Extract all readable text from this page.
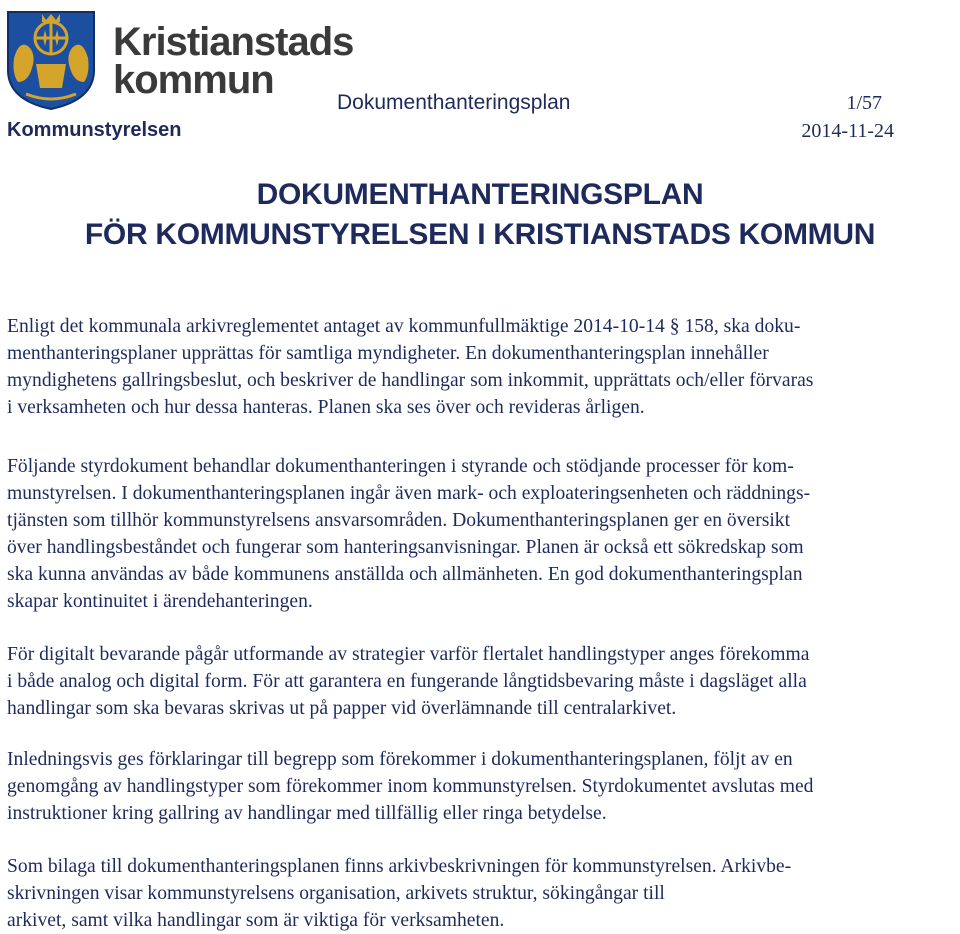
Kristianstads
kommun
Dokumenthanteringsplan	1/57
Kommunstyrelsen	2014-11-24
DOKUMENTHANTERINGSPLAN
FÖR KOMMUNSTYRELSEN I KRISTIANSTADS KOMMUN
Enligt det kommunala arkivreglementet antaget av kommunfullmäktige 2014-10-14 § 158, ska doku-
menthanteringsplaner upprättas för samtliga myndigheter. En dokumenthanteringsplan innehåller
myndighetens gallringsbeslut, och beskriver de handlingar som inkommit, upprättats och/eller förvaras
i verksamheten och hur dessa hanteras. Planen ska ses över och revideras årligen.
Följande styrdokument behandlar dokumenthanteringen i styrande och stödjande processer för kom-
munstyrelsen. I dokumenthanteringsplanen ingår även mark- och exploateringsenheten och räddnings-
tjänsten som tillhör kommunstyrelsens ansvarsområden. Dokumenthanteringsplanen ger en översikt
över handlingsbeståndet och fungerar som hanteringsanvisningar. Planen är också ett sökredskap som
ska kunna användas av både kommunens anställda och allmänheten. En god dokumenthanteringsplan
skapar kontinuitet i ärendehanteringen.
För digitalt bevarande pågår utformande av strategier varför flertalet handlingstyper anges förekomma
i både analog och digital form. För att garantera en fungerande långtidsbevaring måste i dagsläget alla
handlingar som ska bevaras skrivas ut på papper vid överlämnande till centralarkivet.
Inledningsvis ges förklaringar till begrepp som förekommer i dokumenthanteringsplanen, följt av en
genomgång av handlingstyper som förekommer inom kommunstyrelsen. Styrdokumentet avslutas med
instruktioner kring gallring av handlingar med tillfällig eller ringa betydelse.
Som bilaga till dokumenthanteringsplanen finns arkivbeskrivningen för kommunstyrelsen. Arkivbe-
skrivningen visar kommunstyrelsens organisation, arkivets struktur, sökingångar till
arkivet, samt vilka handlingar som är viktiga för verksamheten.
